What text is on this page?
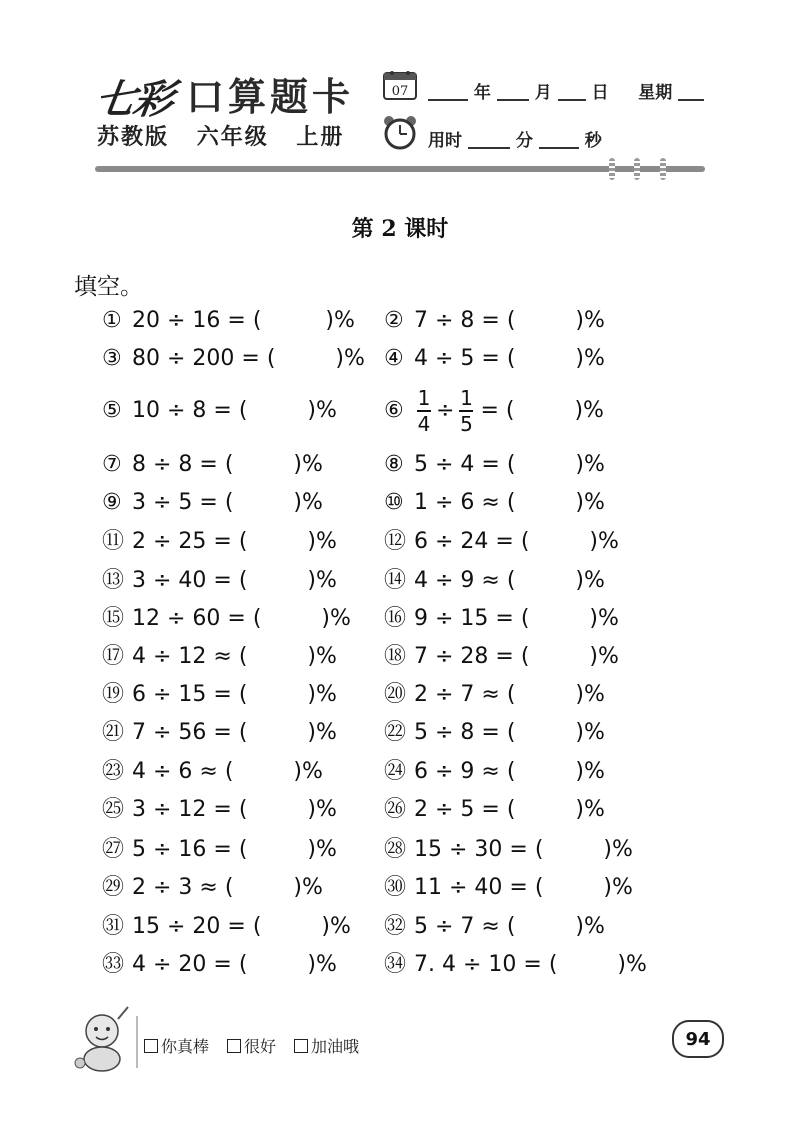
七彩 口算题卡
苏教版 六年级 上册
07	年	月 日 星期
用时	分	秒
第 2 课时
填空。
① 20 ÷ 16 = (	)% ② 7 ÷ 8 = (	)%
③ 80 ÷ 200 = (	)% ④ 4 ÷ 5 = (	)%
⑤ 10 ÷ 8 = (	)% ⑥ $\frac{1}{4} \div \frac{1}{5}$ = (	)%
⑦ 8 ÷ 8 = (	)%	⑧ 5 ÷ 4 = (	)%
⑨ 3 ÷ 5 = (	)%	⑩ 1 ÷ 6 ≈ (	)%
⑪ 2 ÷ 25 = (	)% ⑫ 6 ÷ 24 = (	)%
⑬ 3 ÷ 40 = (	)% ⑭ 4 ÷ 9 ≈ (	)%
⑮ 12 ÷ 60 = (	)% ⑯ 9 ÷ 15 = (	)%
⑰ 4 ÷ 12 ≈ (	)% ⑱ 7 ÷ 28 = (	)%
⑲ 6 ÷ 15 = (	)% ⑳ 2 ÷ 7 ≈ (	)%
㉑ 7 ÷ 56 = (	)% ㉒ 5 ÷ 8 = (	)%
㉓ 4 ÷ 6 ≈ (	)%	㉔ 6 ÷ 9 ≈ (	)%
㉕ 3 ÷ 12 = (	)% ㉖ 2 ÷ 5 = (	)%
㉗ 5 ÷ 16 = (	)% ㉘ 15 ÷ 30 = (	)%
㉙ 2 ÷ 3 ≈ (	)%	㉚ 11 ÷ 40 = (	)%
㉛ 15 ÷ 20 = (	)% ㉜ 5 ÷ 7 ≈ (	)%
㉝ 4 ÷ 20 = (	)% ㉞ 7. 4 ÷ 10 = (	)%
你真棒 很好 加油哦	94
